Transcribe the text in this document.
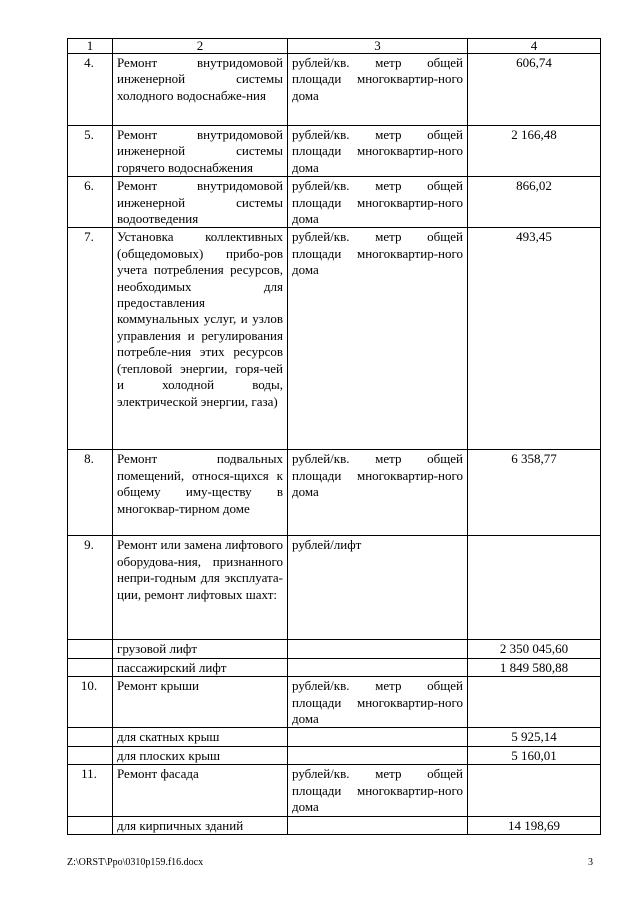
1	2	3	4
4.	Ремонт внутридомовой инженерной системы холодного водоснабже-ния	рублей/кв. метр общей площади многоквартир-ного дома	606,74
5.	Ремонт внутридомовой инженерной системы горячего водоснабжения	рублей/кв. метр общей площади многоквартир-ного дома	2 166,48
6.	Ремонт внутридомовой инженерной системы водоотведения	рублей/кв. метр общей площади многоквартир-ного дома	866,02
7.	Установка коллективных (общедомовых) прибо-ров учета потребления ресурсов, необходимых для предоставления коммунальных услуг, и узлов управления и регулирования потребле-ния этих ресурсов (тепловой энергии, горя-чей и холодной воды, электрической энергии, газа)	рублей/кв. метр общей площади многоквартир-ного дома	493,45
8.	Ремонт подвальных помещений, относя-щихся к общему иму-ществу в многоквар-тирном доме	рублей/кв. метр общей площади многоквартир-ного дома	6 358,77
9.	Ремонт или замена лифтового оборудова-ния, признанного непри-годным для эксплуата-ции, ремонт лифтовых шахт:	рублей/лифт	
	грузовой лифт		2 350 045,60
	пассажирский лифт		1 849 580,88
10.	Ремонт крыши	рублей/кв. метр общей площади многоквартир-ного дома	
	для скатных крыш		5 925,14
	для плоских крыш		5 160,01
11.	Ремонт фасада	рублей/кв. метр общей площади многоквартир-ного дома	
	для кирпичных зданий		14 198,69
Z:\ORST\Ppo\0310p159.f16.docx	3
